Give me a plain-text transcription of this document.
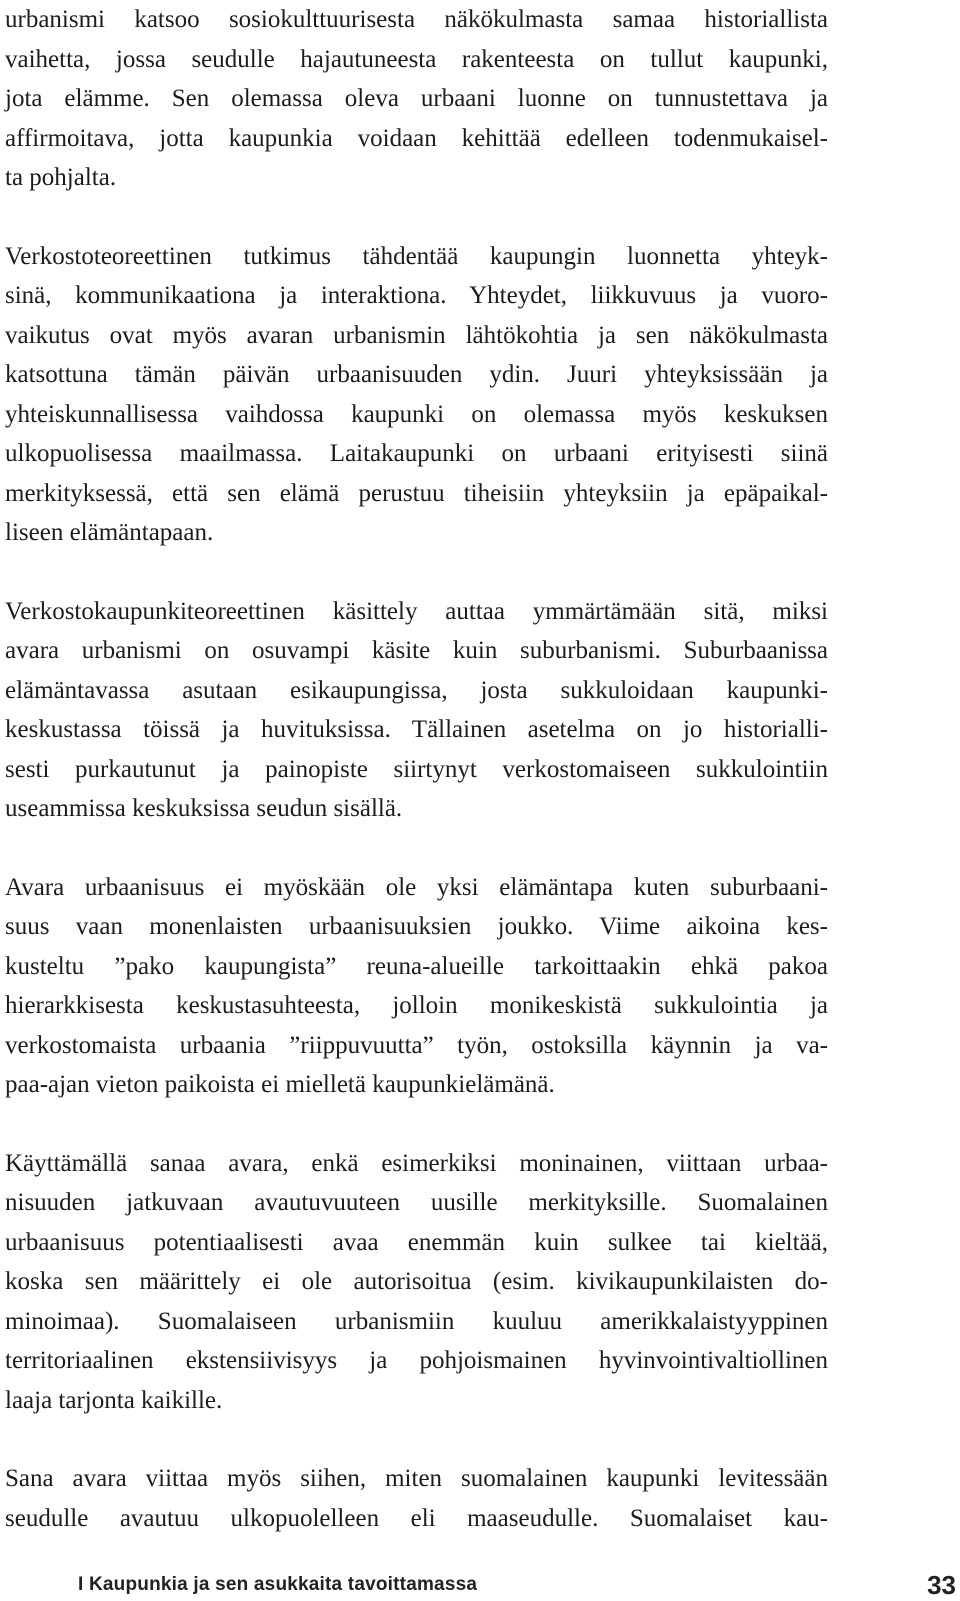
urbanismi katsoo sosiokulttuurisesta näkökulmasta samaa historiallista
vaihetta, jossa seudulle hajautuneesta rakenteesta on tullut kaupunki,
jota elämme. Sen olemassa oleva urbaani luonne on tunnustettava ja
affirmoitava, jotta kaupunkia voidaan kehittää edelleen todenmukaisel-
ta pohjalta.
Verkostoteoreettinen tutkimus tähdentää kaupungin luonnetta yhteyk-
sinä, kommunikaationa ja interaktiona. Yhteydet, liikkuvuus ja vuoro-
vaikutus ovat myös avaran urbanismin lähtökohtia ja sen näkökulmasta
katsottuna tämän päivän urbaanisuuden ydin. Juuri yhteyksissään ja
yhteiskunnallisessa vaihdossa kaupunki on olemassa myös keskuksen
ulkopuolisessa maailmassa. Laitakaupunki on urbaani erityisesti siinä
merkityksessä, että sen elämä perustuu tiheisiin yhteyksiin ja epäpaikal-
liseen elämäntapaan.
Verkostokaupunkiteoreettinen käsittely auttaa ymmärtämään sitä, miksi
avara urbanismi on osuvampi käsite kuin suburbanismi. Suburbaanissa
elämäntavassa asutaan esikaupungissa, josta sukkuloidaan kaupunki-
keskustassa töissä ja huvituksissa. Tällainen asetelma on jo historialli-
sesti purkautunut ja painopiste siirtynyt verkostomaiseen sukkulointiin
useammissa keskuksissa seudun sisällä.
Avara urbaanisuus ei myöskään ole yksi elämäntapa kuten suburbaani-
suus vaan monenlaisten urbaanisuuksien joukko. Viime aikoina kes-
kusteltu ”pako kaupungista” reuna-alueille tarkoittaakin ehkä pakoa
hierarkkisesta keskustasuhteesta, jolloin monikeskistä sukkulointia ja
verkostomaista urbaania ”riippuvuutta” työn, ostoksilla käynnin ja va-
paa-ajan vieton paikoista ei mielletä kaupunkielämänä.
Käyttämällä sanaa avara, enkä esimerkiksi moninainen, viittaan urbaa-
nisuuden jatkuvaan avautuvuuteen uusille merkityksille. Suomalainen
urbaanisuus potentiaalisesti avaa enemmän kuin sulkee tai kieltää,
koska sen määrittely ei ole autorisoitua (esim. kivikaupunkilaisten do-
minoimaa). Suomalaiseen urbanismiin kuuluu amerikkalaistyyppinen
territoriaalinen ekstensiivisyys ja pohjoismainen hyvinvointivaltiollinen
laaja tarjonta kaikille.
Sana avara viittaa myös siihen, miten suomalainen kaupunki levitessään
seudulle avautuu ulkopuolelleen eli maaseudulle. Suomalaiset kau-
I Kaupunkia ja sen asukkaita tavoittamassa	33
